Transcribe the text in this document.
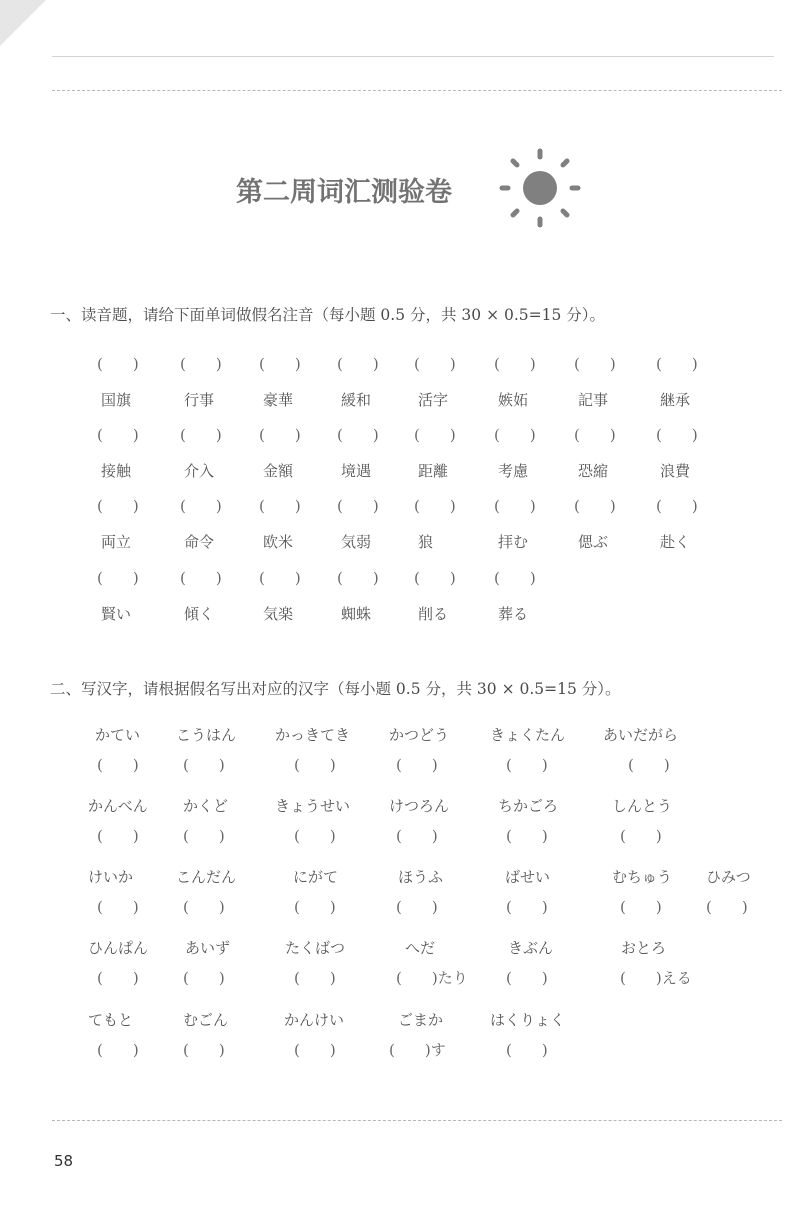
第二周词汇测验卷
一、读音题，请给下面单词做假名注音（每小题 0.5 分，共 30 × 0.5=15 分）。
(　　)
国旗
(　　)
行事
(　　)
豪華
(　　)
緩和
(　　)
活字
(　　)
嫉妬
(　　)
記事
(　　)
継承
(　　)
接触
(　　)
介入
(　　)
金額
(　　)
境遇
(　　)
距離
(　　)
考慮
(　　)
恐縮
(　　)
浪費
(　　)
両立
(　　)
命令
(　　)
欧米
(　　)
気弱
(　　)
狼
(　　)
拝む
(　　)
偲ぶ
(　　)
赴く
(　　)
賢い
(　　)
傾く
(　　)
気楽
(　　)
蜘蛛
(　　)
削る
(　　)
葬る
二、写汉字，请根据假名写出对应的汉字（每小题 0.5 分，共 30 × 0.5=15 分）。
かてい
(　　)
こうはん
(　　)
かっきてき
(　　)
かつどう
(　　)
きょくたん
(　　)
あいだがら
(　　)
かんべん
(　　)
かくど
(　　)
きょうせい
(　　)
けつろん
(　　)
ちかごろ
(　　)
しんとう
(　　)
けいか
(　　)
こんだん
(　　)
にがて
(　　)
ほうふ
(　　)
ばせい
(　　)
むちゅう
(　　)
ひみつ
(　　)
ひんぱん
(　　)
あいず
(　　)
たくばつ
(　　)
へだ
(　　)たり
きぶん
(　　)
おとろ
(　　)える
てもと
(　　)
むごん
(　　)
かんけい
(　　)
ごまか
(　　)す
はくりょく
(　　)
58
